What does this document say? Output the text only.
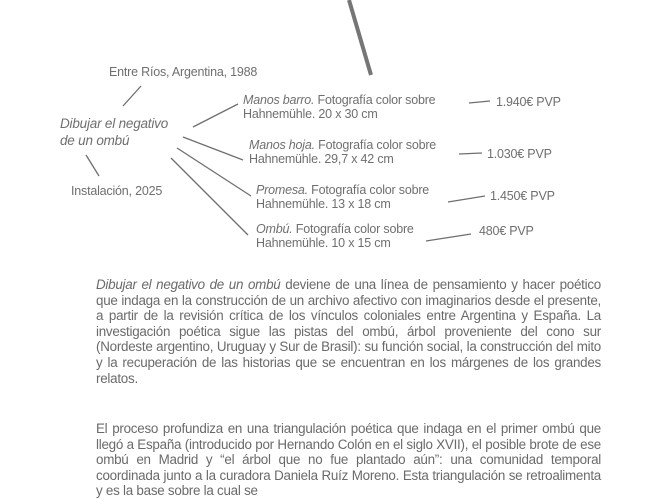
Entre Ríos, Argentina, 1988
Dibujar el negativo
de un ombú
Instalación, 2025
Manos barro. Fotografía color sobre
Hahnemühle. 20 x 30 cm
1.940€ PVP
Manos hoja. Fotografía color sobre
Hahnemühle. 29,7 x 42 cm	1.030€ PVP
Promesa. Fotografía color sobre
Hahnemühle. 13 x 18 cm
1.450€ PVP
Ombú. Fotografía color sobre
Hahnemühle. 10 x 15 cm
480€ PVP
Dibujar el negativo de un ombú deviene de una línea de pensamiento y hacer poético que indaga en la construcción de un archivo afectivo con imaginarios desde el presente, a partir de la revisión crítica de los vínculos coloniales entre Argentina y España. La investigación poética sigue las pistas del ombú, árbol proveniente del cono sur (Nordeste argentino, Uruguay y Sur de Brasil): su función social, la construcción del mito y la recuperación de las historias que se encuentran en los márgenes de los grandes relatos.
El proceso profundiza en una triangulación poética que indaga en el primer ombú que llegó a España (introducido por Hernando Colón en el siglo XVII), el posible brote de ese ombú en Madrid y “el árbol que no fue plantado aún”: una comunidad temporal coordinada junto a la curadora Daniela Ruíz Moreno. Esta triangulación se retroalimenta y es la base sobre la cual se
